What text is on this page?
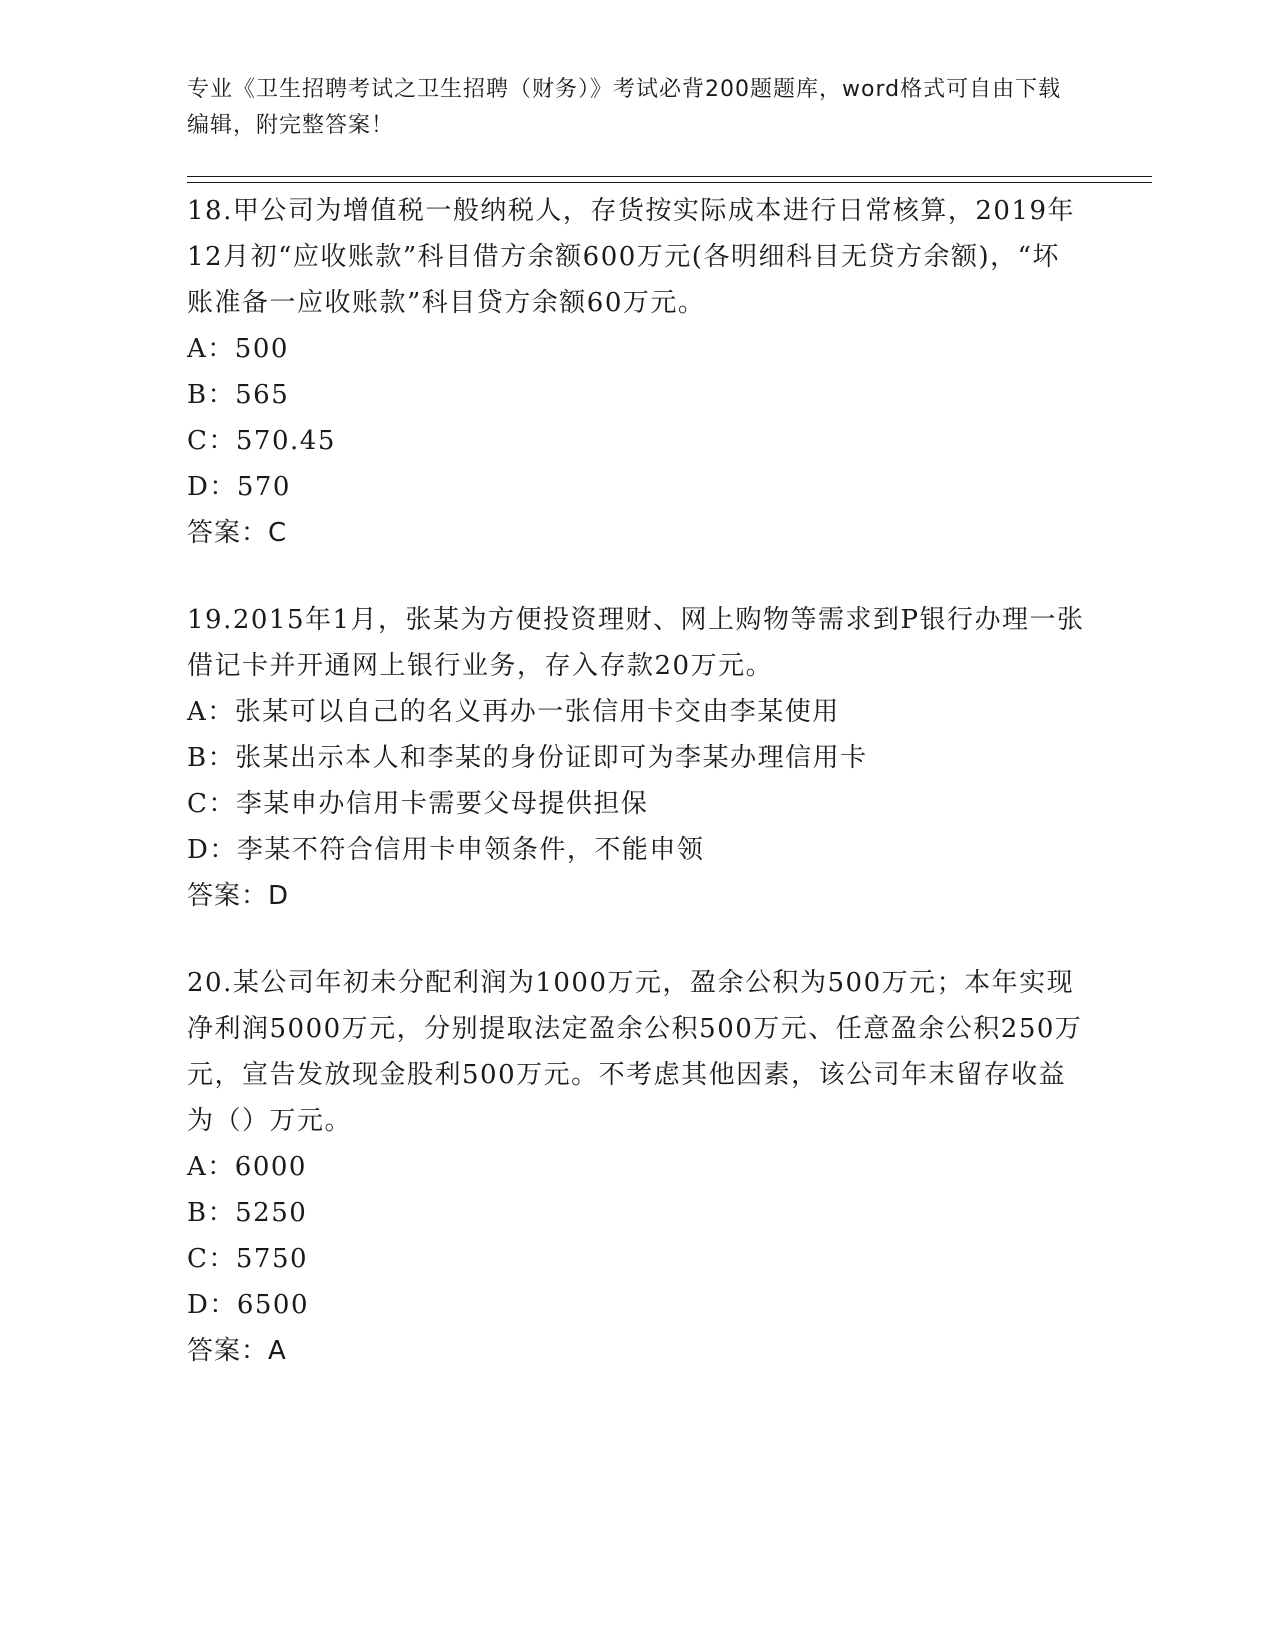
专业《卫生招聘考试之卫生招聘（财务）》考试必背200题题库，word格式可自由下载编辑，附完整答案！
18.甲公司为增值税一般纳税人，存货按实际成本进行日常核算，2019年12月初“应收账款”科目借方余额600万元(各明细科目无贷方余额)，“坏账准备一应收账款”科目贷方余额60万元。
A：500
B：565
C：570.45
D：570
答案：C
19.2015年1月，张某为方便投资理财、网上购物等需求到P银行办理一张借记卡并开通网上银行业务，存入存款20万元。
A：张某可以自己的名义再办一张信用卡交由李某使用
B：张某出示本人和李某的身份证即可为李某办理信用卡
C：李某申办信用卡需要父母提供担保
D：李某不符合信用卡申领条件，不能申领
答案：D
20.某公司年初未分配利润为1000万元，盈余公积为500万元；本年实现净利润5000万元，分别提取法定盈余公积500万元、任意盈余公积250万元，宣告发放现金股利500万元。不考虑其他因素，该公司年末留存收益为（）万元。
A：6000
B：5250
C：5750
D：6500
答案：A
